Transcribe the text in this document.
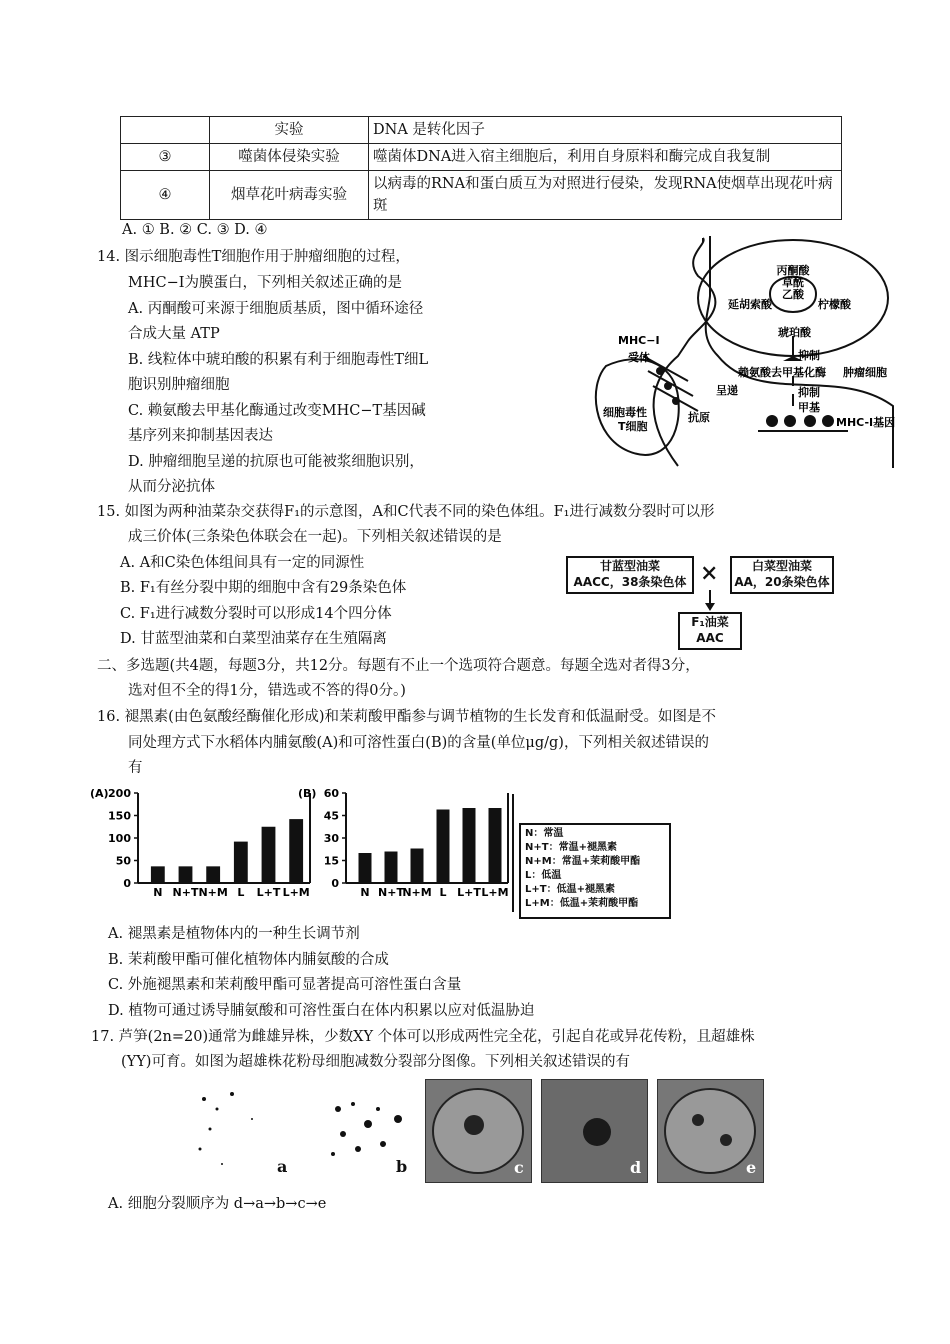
	实验	DNA 是转化因子
③	噬菌体侵染实验	噬菌体DNA进入宿主细胞后，利用自身原料和酶完成自我复制
④	烟草花叶病毒实验	以病毒的RNA和蛋白质互为对照进行侵染，发现RNA使烟草出现花叶病斑
A. ① B. ② C. ③ D. ④
14. 图示细胞毒性T细胞作用于肿瘤细胞的过程，
MHC−I为膜蛋白，下列相关叙述正确的是
A. 丙酮酸可来源于细胞质基质，图中循环途径
合成大量 ATP
B. 线粒体中琥珀酸的积累有利于细胞毒性T细L
胞识别肿瘤细胞
C. 赖氨酸去甲基化酶通过改变MHC−T基因碱
基序列来抑制基因表达
D. 肿瘤细胞呈递的抗原也可能被浆细胞识别，
从而分泌抗体
丙酮酸
草酰
乙酸
延胡索酸	柠檬酸
琥珀酸
抑制
赖氨酸去甲基化酶
抑制
肿瘤细胞
甲基
MHC-I基因
MHC−I
受体
呈递
细胞毒性
T细胞
抗原
15. 如图为两种油菜杂交获得F₁的示意图，A和C代表不同的染色体组。F₁进行减数分裂时可以形
成三价体(三条染色体联会在一起)。下列相关叙述错误的是
A. A和C染色体组间具有一定的同源性
B. F₁有丝分裂中期的细胞中含有29条染色体
C. F₁进行减数分裂时可以形成14个四分体
D. 甘蓝型油菜和白菜型油菜存在生殖隔离
甘蓝型油菜
AACC，38条染色体 ×	白菜型油菜
AA，20条染色体
F₁油菜
AAC
二、多选题(共4题，每题3分，共12分。每题有不止一个选项符合题意。每题全选对者得3分，
选对但不全的得1分，错选或不答的得0分。)
16. 褪黑素(由色氨酸经酶催化形成)和茉莉酸甲酯参与调节植物的生长发育和低温耐受。如图是不
同处理方式下水稻体内脯氨酸(A)和可溶性蛋白(B)的含量(单位μg/g)，下列相关叙述错误的
有
(A)
0
50
100
150
200
N N+T N+M L L+T L+M
(B)
0
15
30
45
60
N N+T
N+M L L+T L+M
N：常温
N+T：常温+褪黑素
N+M：常温+茉莉酸甲酯
L：低温
L+T：低温+褪黑素
L+M：低温+茉莉酸甲酯
A. 褪黑素是植物体内的一种生长调节剂
B. 茉莉酸甲酯可催化植物体内脯氨酸的合成
C. 外施褪黑素和茉莉酸甲酯可显著提高可溶性蛋白含量
D. 植物可通过诱导脯氨酸和可溶性蛋白在体内积累以应对低温胁迫
17. 芦笋(2n=20)通常为雌雄异株，少数XY 个体可以形成两性完全花，引起自花或异花传粉，且超雄株
(YY)可育。如图为超雄株花粉母细胞减数分裂部分图像。下列相关叙述错误的有
a	b	c	d	e
A. 细胞分裂顺序为 d→a→b→c→e
